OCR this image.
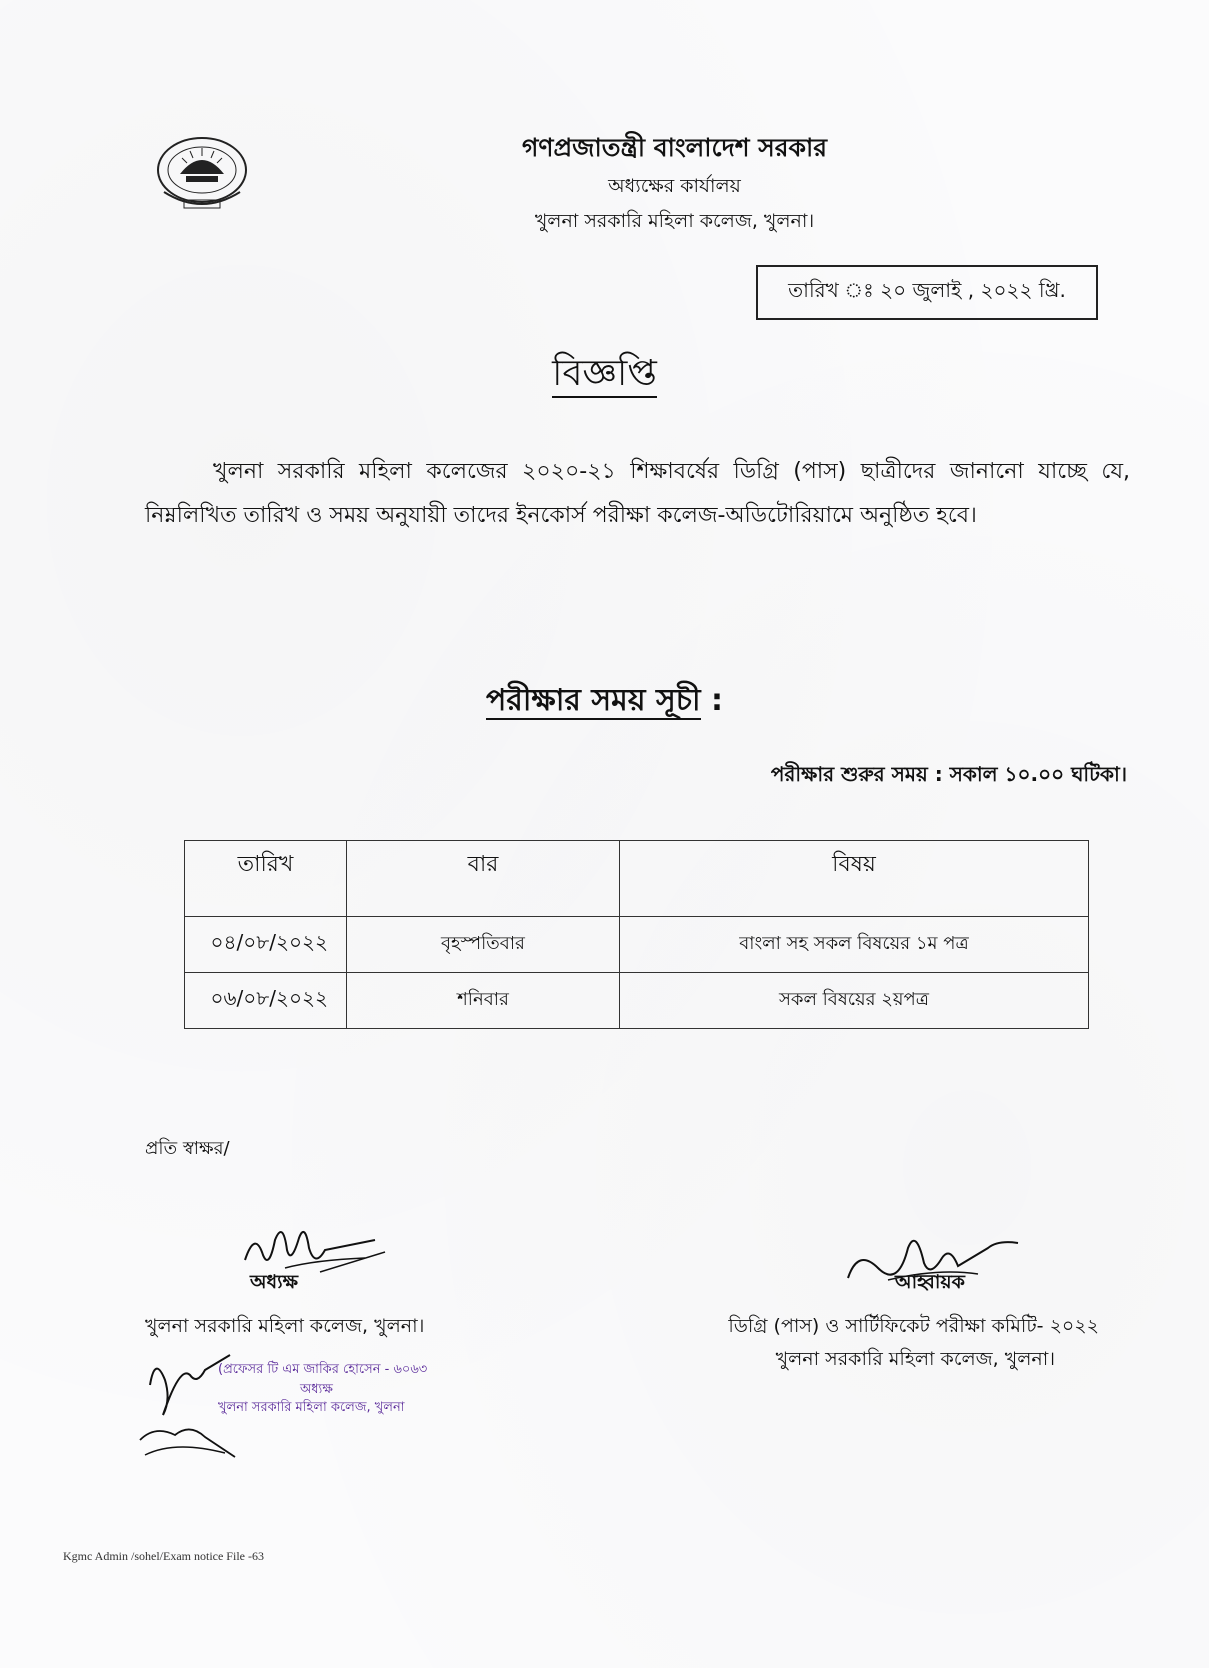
গণপ্রজাতন্ত্রী বাংলাদেশ সরকার
অধ্যক্ষের কার্যালয়
খুলনা সরকারি মহিলা কলেজ, খুলনা।
তারিখ ঃ ২০ জুলাই , ২০২২ খ্রি.
বিজ্ঞপ্তি
খুলনা সরকারি মহিলা কলেজের ২০২০-২১ শিক্ষাবর্ষের ডিগ্রি (পাস) ছাত্রীদের জানানো যাচ্ছে যে, নিম্নলিখিত তারিখ ও সময় অনুযায়ী তাদের ইনকোর্স পরীক্ষা কলেজ-অডিটোরিয়ামে অনুষ্ঠিত হবে।
পরীক্ষার সময় সূচী :
পরীক্ষার শুরুর সময় : সকাল ১০.০০ ঘটিকা।
তারিখ	বার	বিষয়
০৪/০৮/২০২২	বৃহস্পতিবার	বাংলা সহ সকল বিষয়ের ১ম পত্র
০৬/০৮/২০২২	শনিবার	সকল বিষয়ের ২য়পত্র
প্রতি স্বাক্ষর/
অধ্যক্ষ
খুলনা সরকারি মহিলা কলেজ, খুলনা।
(প্রফেসর টি এম জাকির হোসেন - ৬০৬৩
অধ্যক্ষ
খুলনা সরকারি মহিলা কলেজ, খুলনা
আহ্বায়ক
ডিগ্রি (পাস) ও সার্টিফিকেট পরীক্ষা কমিটি- ২০২২
খুলনা সরকারি মহিলা কলেজ, খুলনা।
Kgmc Admin /sohel/Exam notice File -63
